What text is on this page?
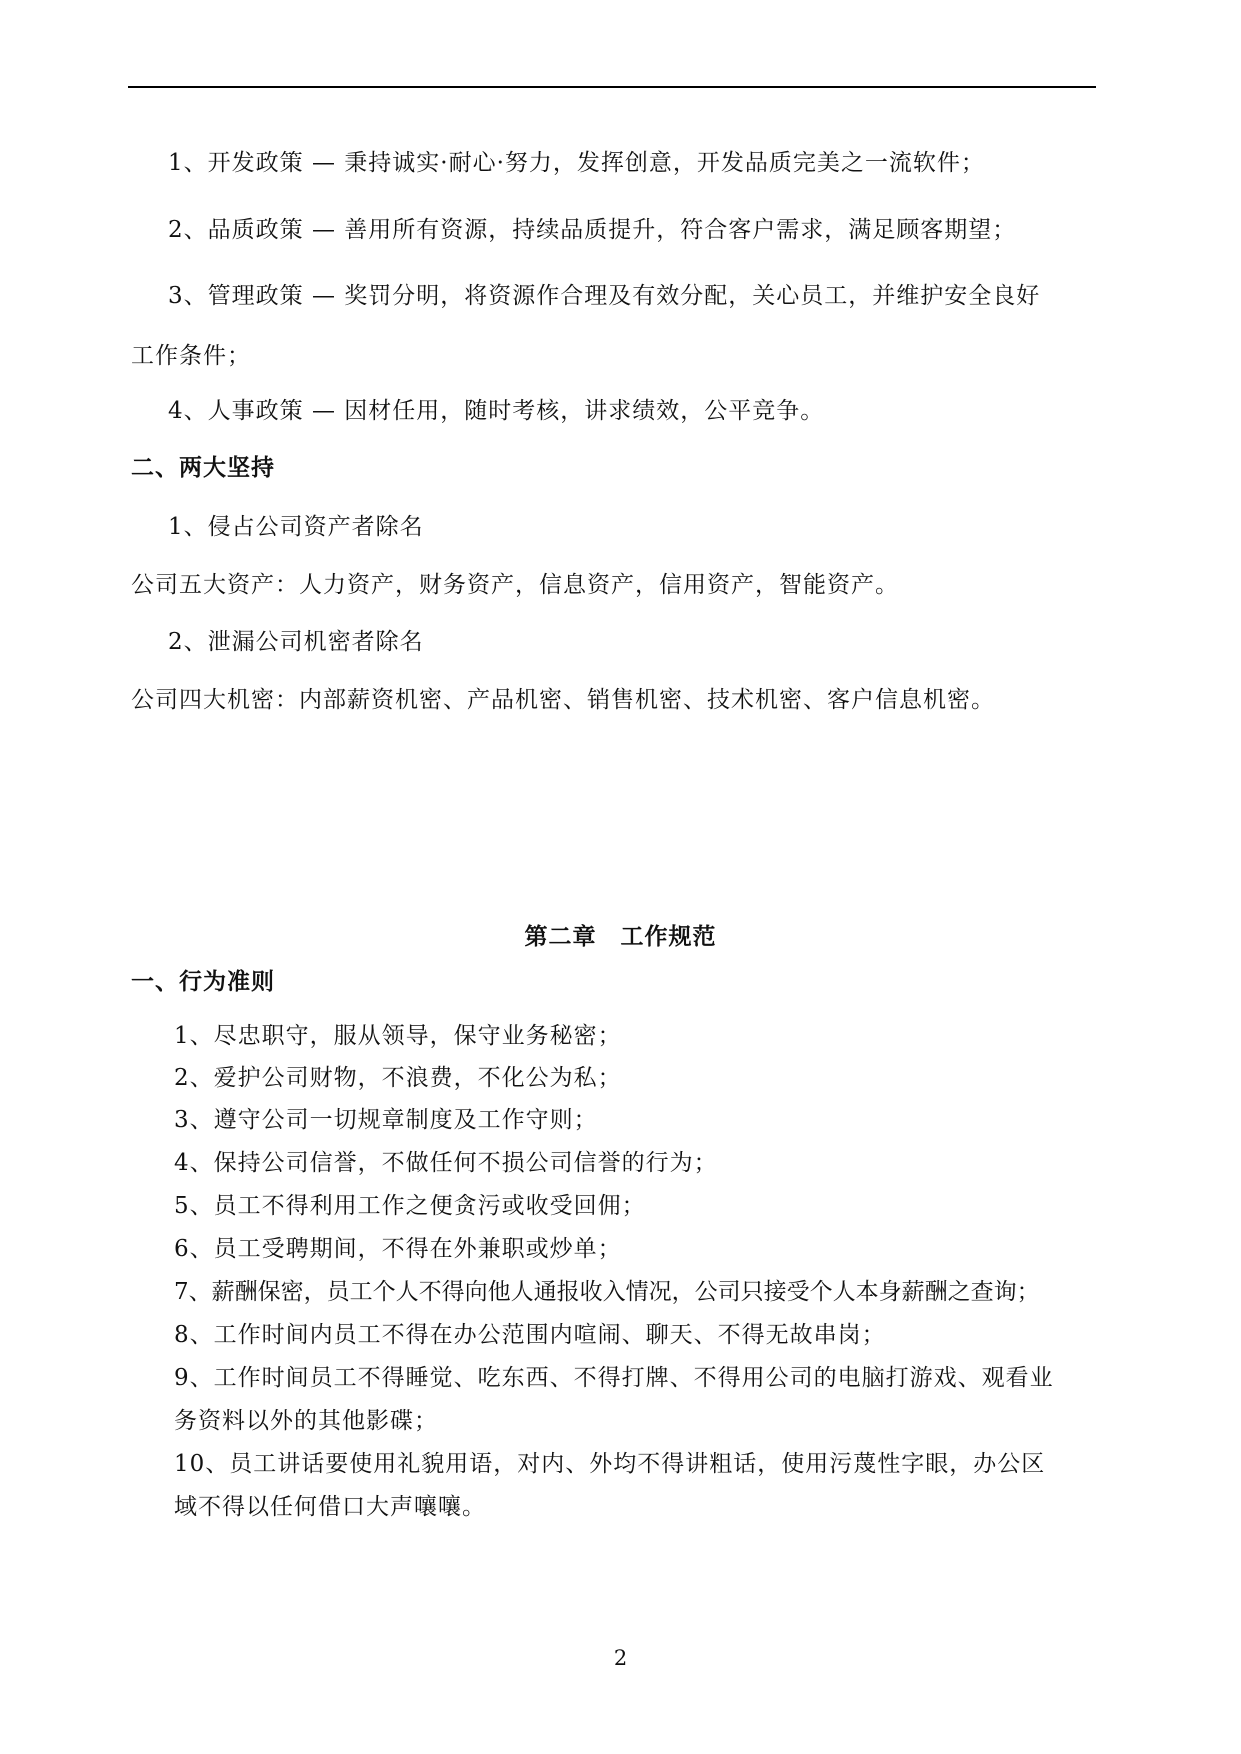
1、开发政策 — 秉持诚实·耐心·努力，发挥创意，开发品质完美之一流软件；
2、品质政策 — 善用所有资源，持续品质提升，符合客户需求，满足顾客期望；
3、管理政策 — 奖罚分明，将资源作合理及有效分配，关心员工，并维护安全良好
工作条件；
4、人事政策 — 因材任用，随时考核，讲求绩效，公平竞争。
二、两大坚持
1、侵占公司资产者除名
公司五大资产：人力资产，财务资产，信息资产，信用资产，智能资产。
2、泄漏公司机密者除名
公司四大机密：内部薪资机密、产品机密、销售机密、技术机密、客户信息机密。
第二章　工作规范
一、行为准则
1、尽忠职守，服从领导，保守业务秘密；
2、爱护公司财物，不浪费，不化公为私；
3、遵守公司一切规章制度及工作守则；
4、保持公司信誉，不做任何不损公司信誉的行为；
5、员工不得利用工作之便贪污或收受回佣；
6、员工受聘期间，不得在外兼职或炒单；
7、薪酬保密，员工个人不得向他人通报收入情况，公司只接受个人本身薪酬之查询；
8、工作时间内员工不得在办公范围内喧闹、聊天、不得无故串岗；
9、工作时间员工不得睡觉、吃东西、不得打牌、不得用公司的电脑打游戏、观看业
务资料以外的其他影碟；
10、员工讲话要使用礼貌用语，对内、外均不得讲粗话，使用污蔑性字眼，办公区
域不得以任何借口大声嚷嚷。
2
